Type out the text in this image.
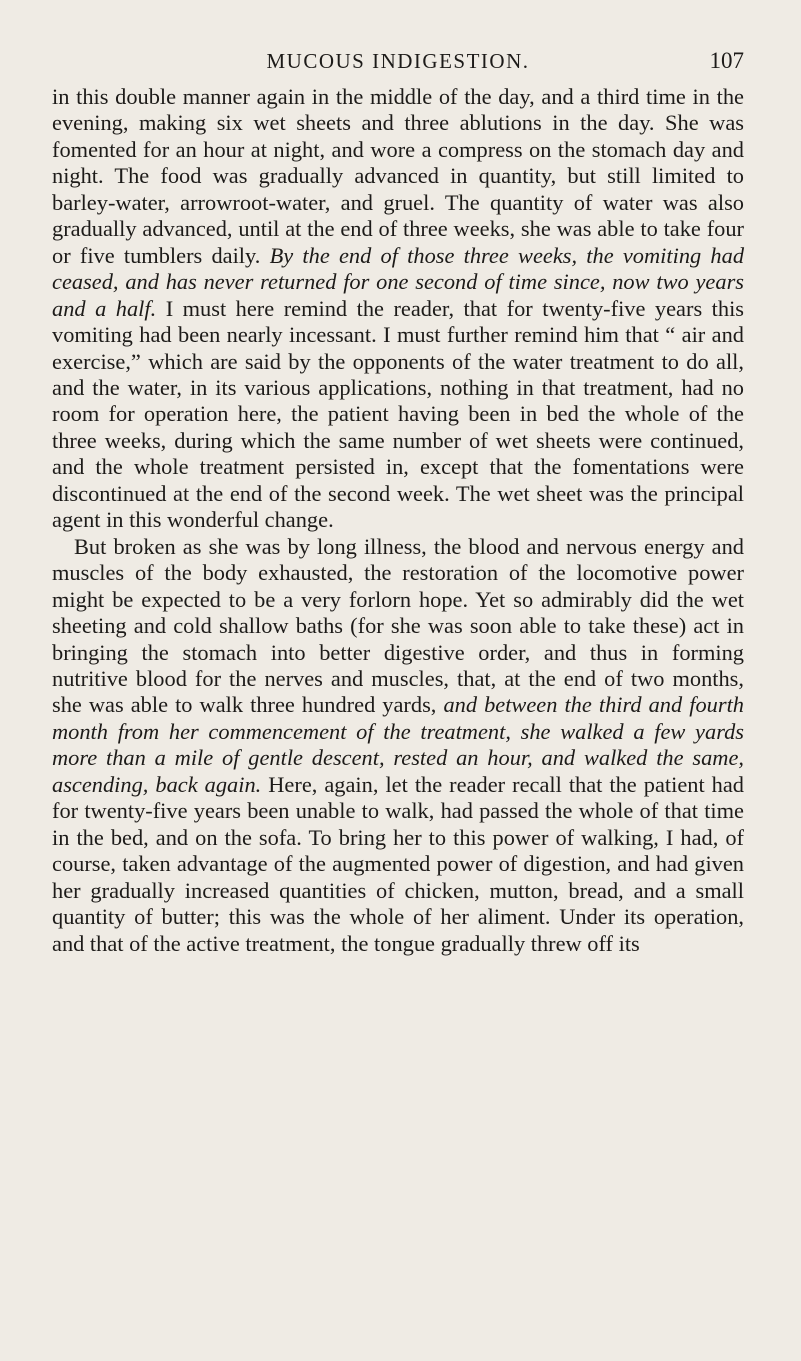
MUCOUS INDIGESTION.	107

in this double manner again in the middle of the day, and a third time in the evening, making six wet sheets and three ablutions in the day. She was fomented for an hour at night, and wore a compress on the stomach day and night. The food was gradually advanced in quantity, but still limited to barley-water, arrowroot-water, and gruel. The quantity of water was also gradually advanced, until at the end of three weeks, she was able to take four or five tumblers daily. By the end of those three weeks, the vomiting had ceased, and has never returned for one second of time since, now two years and a half. I must here remind the reader, that for twenty-five years this vomiting had been nearly incessant. I must further remind him that “ air and exercise,” which are said by the opponents of the water treatment to do all, and the water, in its various applications, nothing in that treatment, had no room for operation here, the patient having been in bed the whole of the three weeks, during which the same number of wet sheets were continued, and the whole treatment persisted in, except that the fomentations were discontinued at the end of the second week. The wet sheet was the principal agent in this wonderful change.

But broken as she was by long illness, the blood and nervous energy and muscles of the body exhausted, the restoration of the locomotive power might be expected to be a very forlorn hope. Yet so admirably did the wet sheeting and cold shallow baths (for she was soon able to take these) act in bringing the stomach into better digestive order, and thus in forming nutritive blood for the nerves and muscles, that, at the end of two months, she was able to walk three hundred yards, and between the third and fourth month from her commencement of the treatment, she walked a few yards more than a mile of gentle descent, rested an hour, and walked the same, ascending, back again. Here, again, let the reader recall that the patient had for twenty-five years been unable to walk, had passed the whole of that time in the bed, and on the sofa. To bring her to this power of walking, I had, of course, taken advantage of the augmented power of digestion, and had given her gradually increased quantities of chicken, mutton, bread, and a small quantity of butter; this was the whole of her aliment. Under its operation, and that of the active treatment, the tongue gradually threw off its
